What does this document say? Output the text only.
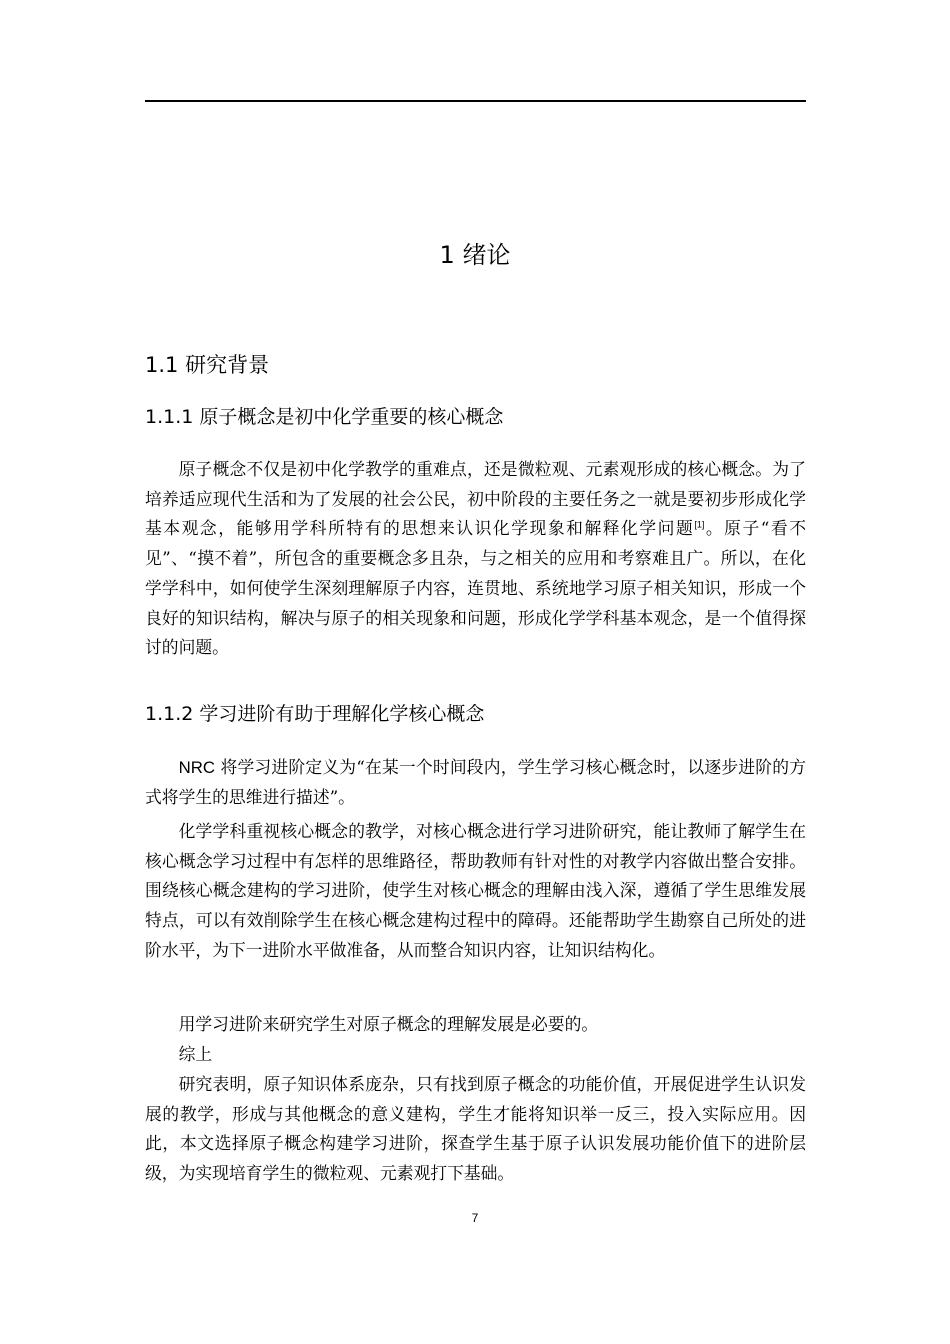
1 绪论
1.1 研究背景
1.1.1 原子概念是初中化学重要的核心概念

原子概念不仅是初中化学教学的重难点，还是微粒观、元素观形成的核心概念。为了培养适应现代生活和为了发展的社会公民，初中阶段的主要任务之一就是要初步形成化学基本观念，能够用学科所特有的思想来认识化学现象和解释化学问题[1]。原子“看不见”、“摸不着”，所包含的重要概念多且杂，与之相关的应用和考察难且广。所以，在化学学科中，如何使学生深刻理解原子内容，连贯地、系统地学习原子相关知识，形成一个良好的知识结构，解决与原子的相关现象和问题，形成化学学科基本观念，是一个值得探讨的问题。

1.1.2 学习进阶有助于理解化学核心概念

NRC 将学习进阶定义为“在某一个时间段内，学生学习核心概念时，以逐步进阶的方式将学生的思维进行描述”。

化学学科重视核心概念的教学，对核心概念进行学习进阶研究，能让教师了解学生在核心概念学习过程中有怎样的思维路径，帮助教师有针对性的对教学内容做出整合安排。围绕核心概念建构的学习进阶，使学生对核心概念的理解由浅入深，遵循了学生思维发展特点，可以有效削除学生在核心概念建构过程中的障碍。还能帮助学生勘察自己所处的进阶水平，为下一进阶水平做准备，从而整合知识内容，让知识结构化。

用学习进阶来研究学生对原子概念的理解发展是必要的。

综上

研究表明，原子知识体系庞杂，只有找到原子概念的功能价值，开展促进学生认识发展的教学，形成与其他概念的意义建构，学生才能将知识举一反三，投入实际应用。因此，本文选择原子概念构建学习进阶，探查学生基于原子认识发展功能价值下的进阶层级，为实现培育学生的微粒观、元素观打下基础。

7
